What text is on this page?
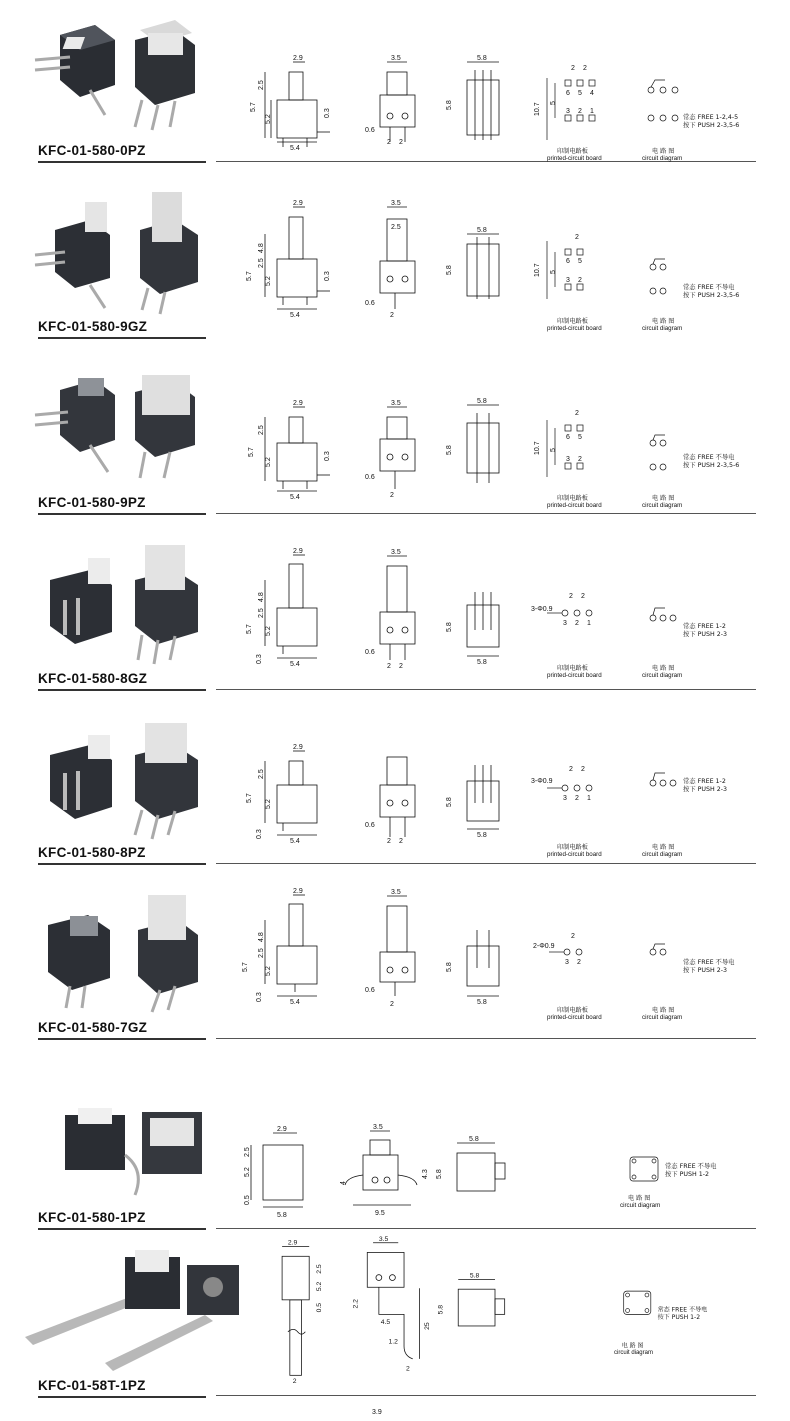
KFC-01-580-0PZ
2.9
2.5
5.2
5.7
5.4
0.3
3.5
0.6
2 2
5.8
5.8
2 2
10.7 5
6 5 4
3 2 1
印制电路板
printed-circuit board
常态 FREE 1-2,4-5
按下 PUSH 2-3,5-6
电 路 图
circuit diagram
KFC-01-580-9GZ
2.9
4.8
2.5
5.2
5.7
5.4
0.3
3.5
2.5
0.6
2
5.8
5.8
2
10.7 5
6 5
3 2
印制电路板
printed-circuit board
常态 FREE 不导电
按下 PUSH 2-3,5-6
电 路 图
circuit diagram
KFC-01-580-9PZ
2.9
2.5
5.2
5.7
5.4
0.3
3.5
0.6
2
5.8
5.8
2
10.7 5
6 5
3 2
印制电路板
printed-circuit board
常态 FREE 不导电
按下 PUSH 2-3,5-6
电 路 图
circuit diagram
KFC-01-580-8GZ
2.9
4.8
2.5
5.2
5.7
5.4
0.3
3.5
0.6
2 2
5.8
5.8
3-Φ0.9
2 2
3 2 1
印制电路板
printed-circuit board
常态 FREE 1-2
按下 PUSH 2-3
电 路 图
circuit diagram
KFC-01-580-8PZ
2.9
2.5
5.2
5.7
5.4
0.3
0.6
2 2
5.8
5.8
3-Φ0.9
2 2
3 2 1
印制电路板
printed-circuit board
常态 FREE 1-2
按下 PUSH 2-3
电 路 图
circuit diagram
KFC-01-580-7GZ
2.9
4.8
2.5
5.2
5.7
5.4
0.3
3.5
0.6
2	5.8
5.8
2-Φ0.9
2
3 2
印制电路板
printed-circuit board
常态 FREE 不导电
按下 PUSH 2-3
电 路 图
circuit diagram
KFC-01-580-1PZ
2.9
2.5
5.2
0.5
5.8
3.5
4
4.3
9.5
5.8
5.8
常态 FREE 不导电
按下 PUSH 1-2
电 路 图
circuit diagram
KFC-01-58T-1PZ
2.9
2.5
5.2
0.5
2
3.5
2.2
4.5	25
1.2
2
5.8
5.8	常态 FREE 不导电
按下 PUSH 1-2
电 路 图
circuit diagram
3.9
